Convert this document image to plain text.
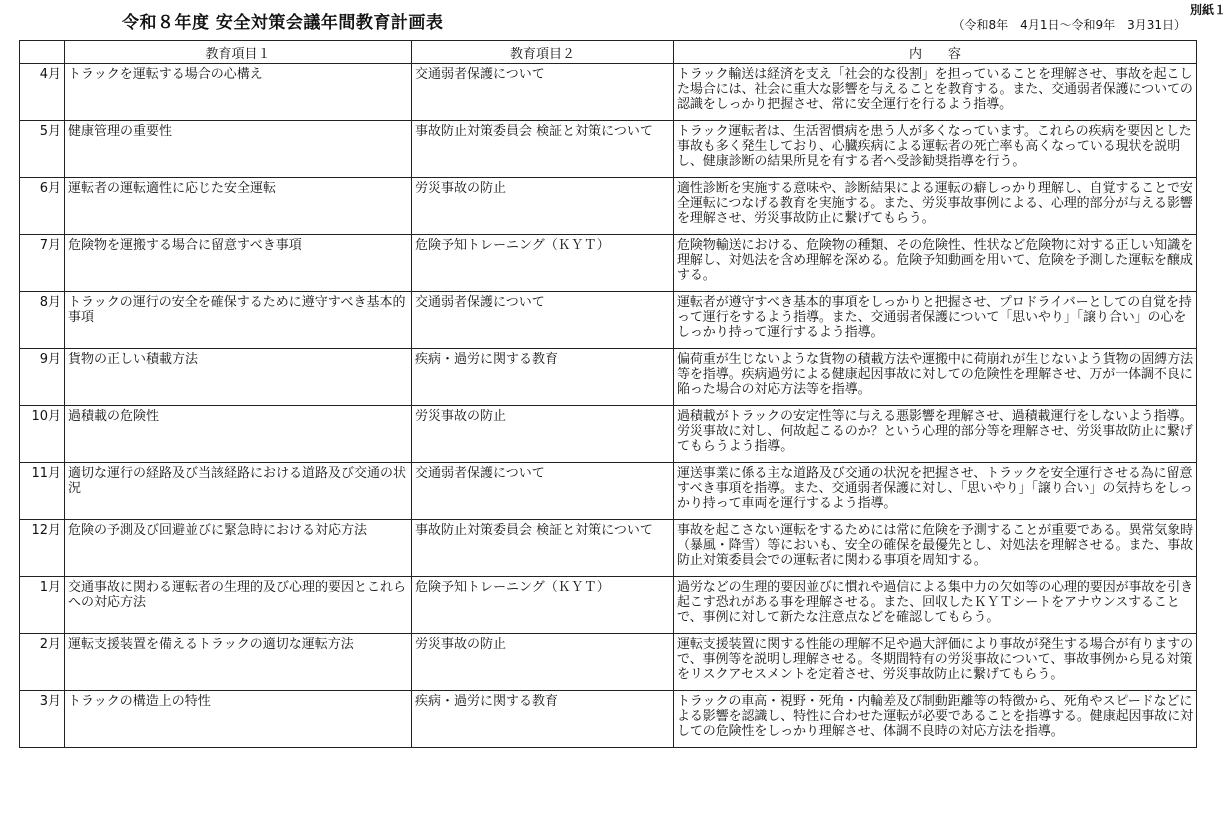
令和８年度 安全対策会議年間教育計画表	（令和8年　4月1日～令和9年　3月31日）
別紙１
	教育項目１	教育項目２	内　　容
4月	トラックを運転する場合の心構え	交通弱者保護について	トラック輸送は経済を支え「社会的な役割」を担っていることを理解させ、事故を起こした場合には、社会に重大な影響を与えることを教育する。また、交通弱者保護についての認識をしっかり把握させ、常に安全運行を行るよう指導。
5月	健康管理の重要性	事故防止対策委員会 検証と対策について	トラック運転者は、生活習慣病を患う人が多くなっています。これらの疾病を要因とした事故も多く発生しており、心臓疾病による運転者の死亡率も高くなっている現状を説明し、健康診断の結果所見を有する者へ受診勧奨指導を行う。
6月	運転者の運転適性に応じた安全運転	労災事故の防止	適性診断を実施する意味や、診断結果による運転の癖しっかり理解し、自覚することで安全運転につなげる教育を実施する。また、労災事故事例による、心理的部分が与える影響を理解させ、労災事故防止に繋げてもらう。
7月	危険物を運搬する場合に留意すべき事項	危険予知トレーニング（ＫＹＴ）	危険物輸送における、危険物の種類、その危険性、性状など危険物に対する正しい知識を理解し、対処法を含め理解を深める。危険予知動画を用いて、危険を予測した運転を醸成する。
8月	トラックの運行の安全を確保するために遵守すべき基本的事項	交通弱者保護について	運転者が遵守すべき基本的事項をしっかりと把握させ、プロドライバーとしての自覚を持って運行をするよう指導。また、交通弱者保護について「思いやり」「譲り合い」の心をしっかり持って運行するよう指導。
9月	貨物の正しい積載方法	疾病・過労に関する教育	偏荷重が生じないような貨物の積載方法や運搬中に荷崩れが生じないよう貨物の固縛方法等を指導。疾病過労による健康起因事故に対しての危険性を理解させ、万が一体調不良に陥った場合の対応方法等を指導。
10月	過積載の危険性	労災事故の防止	過積載がトラックの安定性等に与える悪影響を理解させ、過積載運行をしないよう指導。労災事故に対し、何故起こるのか？という心理的部分等を理解させ、労災事故防止に繋げてもらうよう指導。
11月	適切な運行の経路及び当該経路における道路及び交通の状況	交通弱者保護について	運送事業に係る主な道路及び交通の状況を把握させ、トラックを安全運行させる為に留意すべき事項を指導。また、交通弱者保護に対し、「思いやり」「譲り合い」の気持ちをしっかり持って車両を運行するよう指導。
12月	危険の予測及び回避並びに緊急時における対応方法	事故防止対策委員会 検証と対策について	事故を起こさない運転をするためには常に危険を予測することが重要である。異常気象時（暴風・降雪）等においも、安全の確保を最優先とし、対処法を理解させる。また、事故防止対策委員会での運転者に関わる事項を周知する。
1月	交通事故に関わる運転者の生理的及び心理的要因とこれらへの対応方法	危険予知トレーニング（ＫＹＴ）	過労などの生理的要因並びに慣れや過信による集中力の欠如等の心理的要因が事故を引き起こす恐れがある事を理解させる。また、回収したＫＹＴシートをアナウンスすることで、事例に対して新たな注意点などを確認してもらう。
2月	運転支援装置を備えるトラックの適切な運転方法	労災事故の防止	運転支援装置に関する性能の理解不足や過大評価により事故が発生する場合が有りますので、事例等を説明し理解させる。冬期間特有の労災事故について、事故事例から見る対策をリスクアセスメントを定着させ、労災事故防止に繋げてもらう。
3月	トラックの構造上の特性	疾病・過労に関する教育	トラックの車高・視野・死角・内輪差及び制動距離等の特徴から、死角やスピードなどによる影響を認識し、特性に合わせた運転が必要であることを指導する。健康起因事故に対しての危険性をしっかり理解させ、体調不良時の対応方法を指導。
